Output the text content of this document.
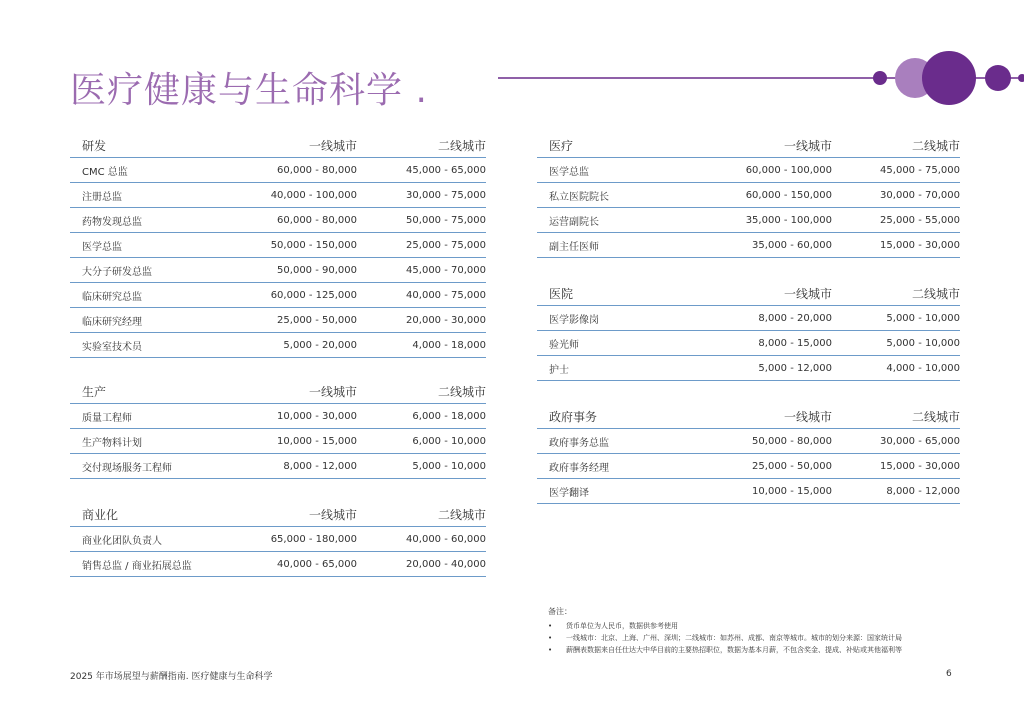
医疗健康与生命科学 .
研发	一线城市	二线城市
CMC 总监	60,000 - 80,000	45,000 - 65,000
注册总监	40,000 - 100,000	30,000 - 75,000
药物发现总监	60,000 - 80,000	50,000 - 75,000
医学总监	50,000 - 150,000	25,000 - 75,000
大分子研发总监	50,000 - 90,000	45,000 - 70,000
临床研究总监	60,000 - 125,000	40,000 - 75,000
临床研究经理	25,000 - 50,000	20,000 - 30,000
实验室技术员	5,000 - 20,000	4,000 - 18,000
生产	一线城市	二线城市
质量工程师	10,000 - 30,000	6,000 - 18,000
生产物料计划	10,000 - 15,000	6,000 - 10,000
交付现场服务工程师	8,000 - 12,000	5,000 - 10,000
商业化	一线城市	二线城市
商业化团队负责人	65,000 - 180,000	40,000 - 60,000
销售总监 / 商业拓展总监	40,000 - 65,000	20,000 - 40,000
医疗	一线城市	二线城市
医学总监	60,000 - 100,000	45,000 - 75,000
私立医院院长	60,000 - 150,000	30,000 - 70,000
运营副院长	35,000 - 100,000	25,000 - 55,000
副主任医师	35,000 - 60,000	15,000 - 30,000
医院	一线城市	二线城市
医学影像岗	8,000 - 20,000	5,000 - 10,000
验光师	8,000 - 15,000	5,000 - 10,000
护士	5,000 - 12,000	4,000 - 10,000
政府事务	一线城市	二线城市
政府事务总监	50,000 - 80,000	30,000 - 65,000
政府事务经理	25,000 - 50,000	15,000 - 30,000
医学翻译	10,000 - 15,000	8,000 - 12,000
备注：
•	货币单位为人民币，数据供参考使用
•	一线城市：北京、上海、广州、深圳；二线城市：如苏州、成都、南京等城市。城市的划分来源：国家统计局
•	薪酬表数据来自任仕达大中华目前的主要热招职位，数据为基本月薪，不包含奖金、提成、补贴或其他福利等
2025 年市场展望与薪酬指南. 医疗健康与生命科学	6
